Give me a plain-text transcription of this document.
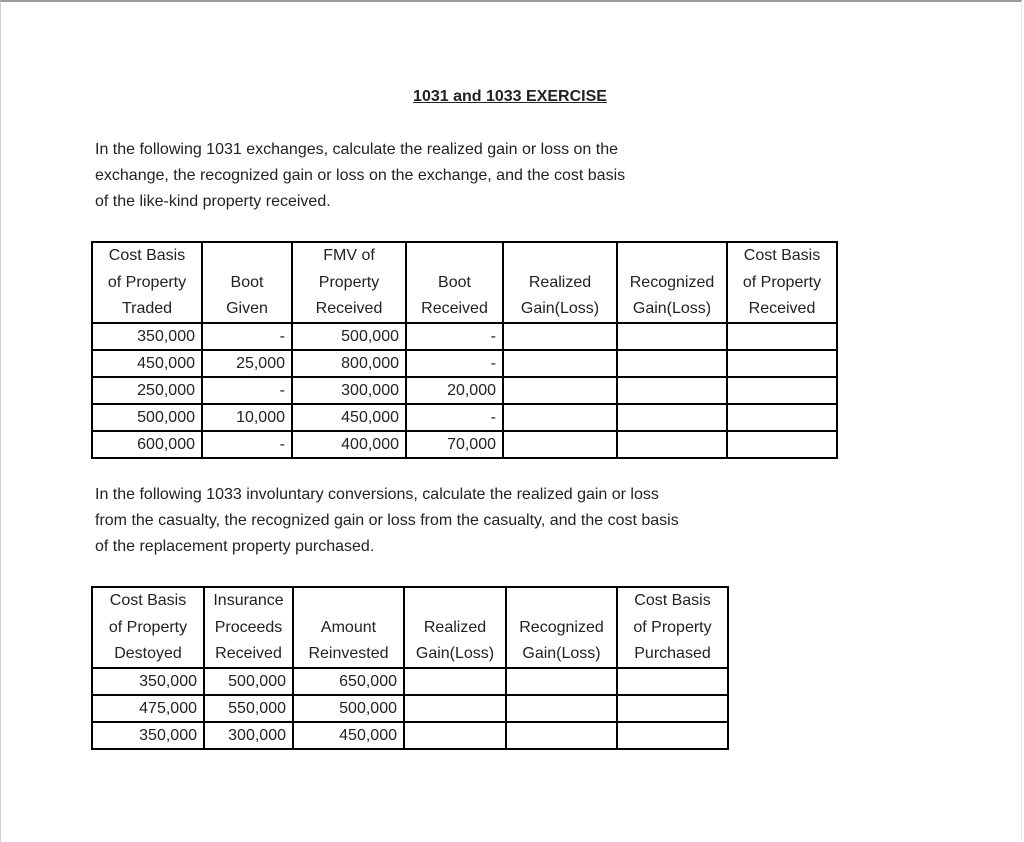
1031 and 1033 EXERCISE
In the following 1031 exchanges, calculate the realized gain or loss on the
exchange, the recognized gain or loss on the exchange, and the cost basis
of the like-kind property received.
Cost Basis		FMV of				Cost Basis
of Property	Boot	Property	Boot	Realized	Recognized	of Property
Traded	Given	Received	Received	Gain(Loss)	Gain(Loss)	Received
350,000	-	500,000	-			
450,000	25,000	800,000	-			
250,000	-	300,000	20,000			
500,000	10,000	450,000	-			
600,000	-	400,000	70,000			
In the following 1033 involuntary conversions, calculate the realized gain or loss
from the casualty, the recognized gain or loss from the casualty, and the cost basis
of the replacement property purchased.
Cost Basis	Insurance				Cost Basis
of Property	Proceeds	Amount	Realized	Recognized	of Property
Destoyed	Received	Reinvested	Gain(Loss)	Gain(Loss)	Purchased
350,000	500,000	650,000			
475,000	550,000	500,000			
350,000	300,000	450,000			
